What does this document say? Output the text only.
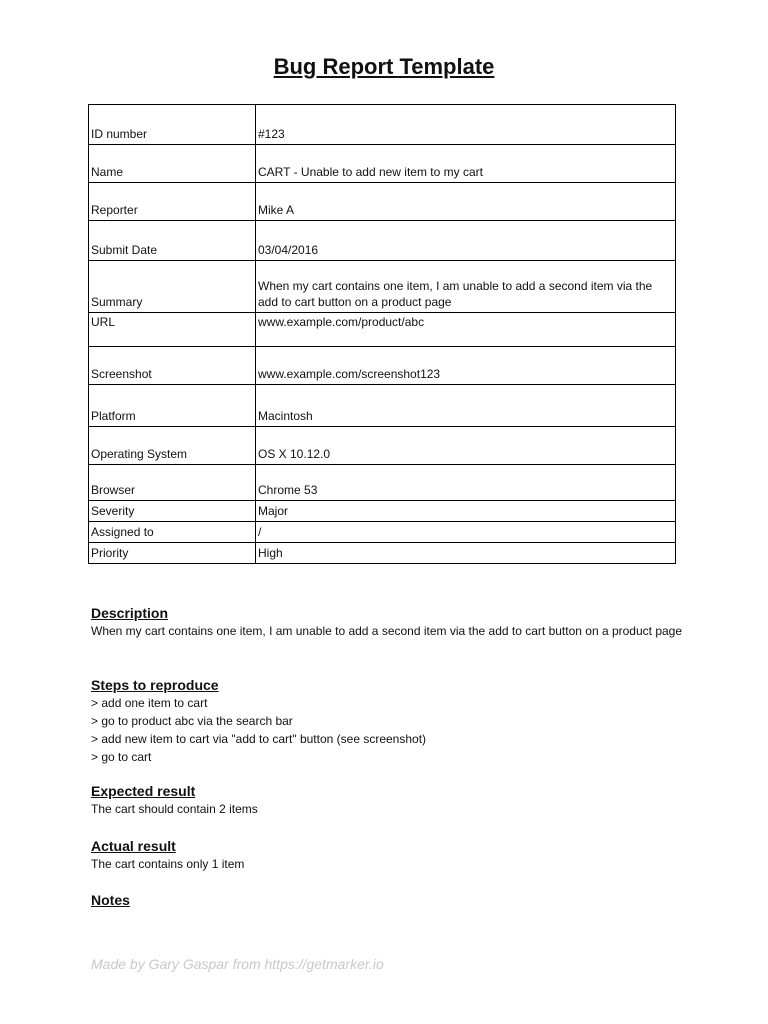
Bug Report Template
ID number	#123
Name	CART - Unable to add new item to my cart
Reporter	Mike A
Submit Date	03/04/2016
Summary	When my cart contains one item, I am unable to add a second item via the add to cart button on a product page
URL	www.example.com/product/abc
Screenshot	www.example.com/screenshot123
Platform	Macintosh
Operating System	OS X 10.12.0
Browser	Chrome 53
Severity	Major
Assigned to	/
Priority	High
Description

When my cart contains one item, I am unable to add a second item via the add to cart button on a product page

Steps to reproduce
> add one item to cart
> go to product abc via the search bar
> add new item to cart via "add to cart" button (see screenshot)
> go to cart
Expected result

The cart should contain 2 items

Actual result

The cart contains only 1 item

Notes
Made by Gary Gaspar from https://getmarker.io
